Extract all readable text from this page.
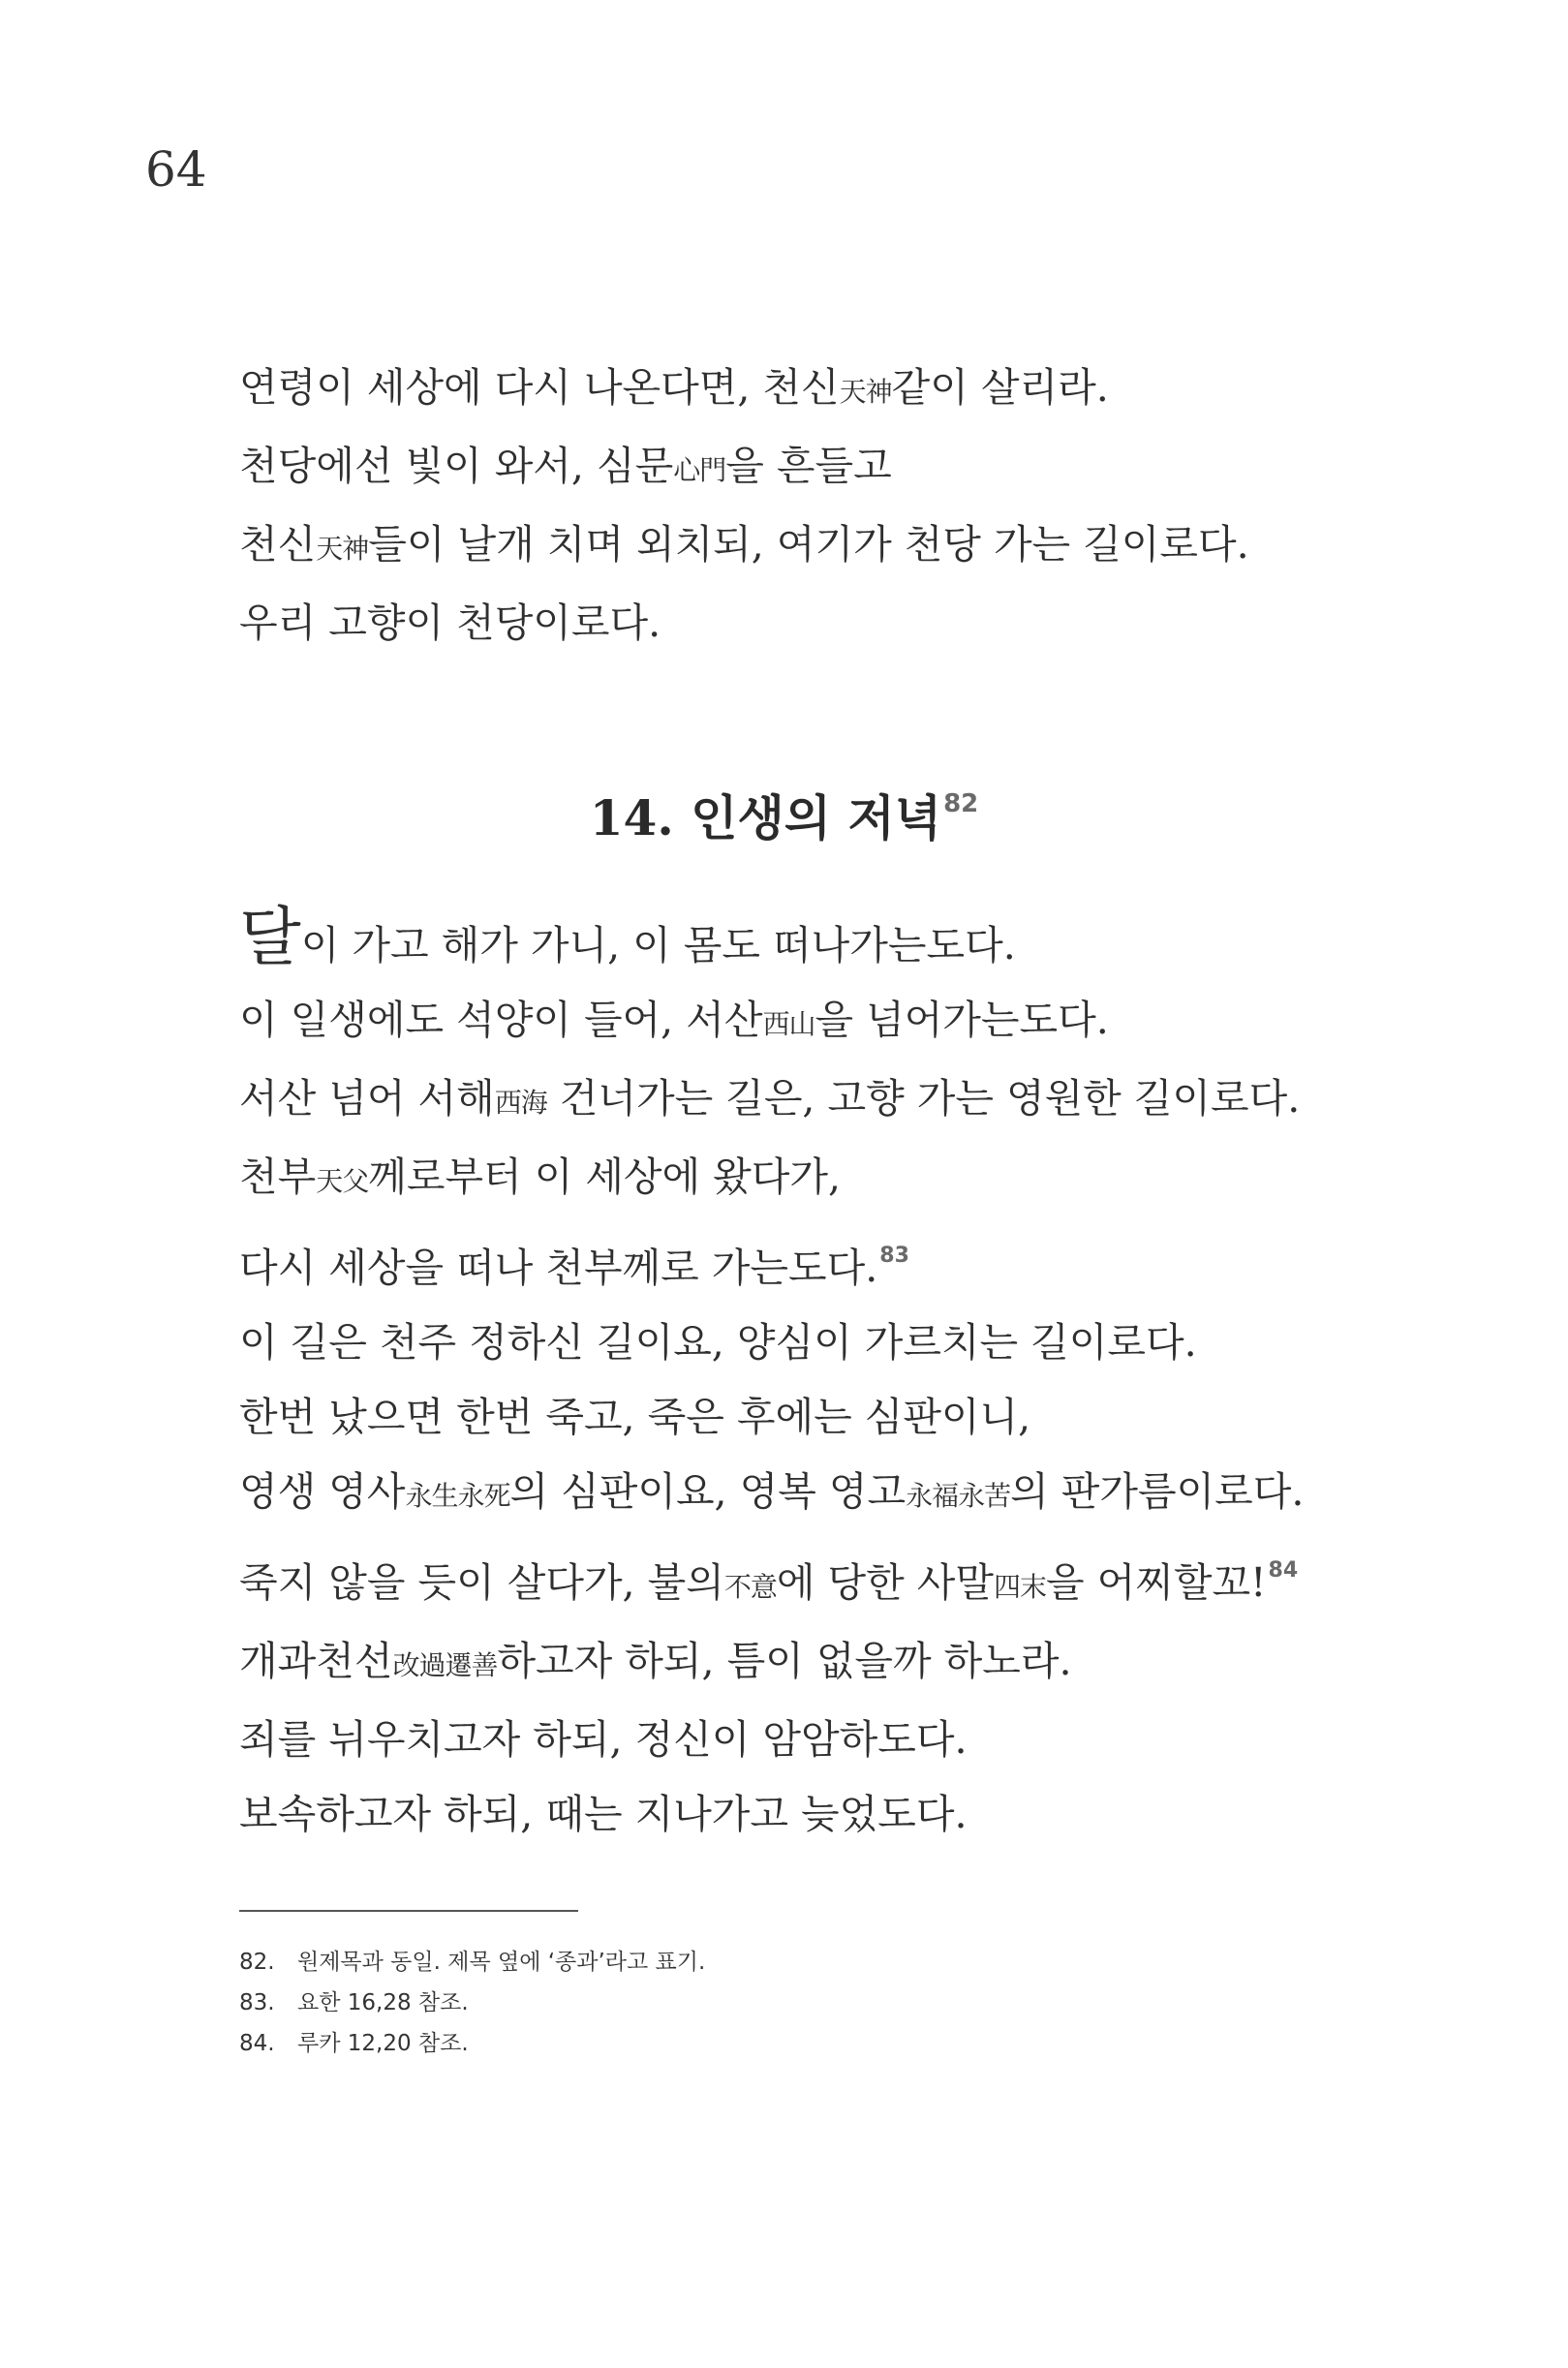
64
연령이 세상에 다시 나온다면, 천신天神같이 살리라.
천당에선 빛이 와서, 심문心門을 흔들고
천신天神들이 날개 치며 외치되, 여기가 천당 가는 길이로다.
우리 고향이 천당이로다.
14. 인생의 저녁$^{82}$
달이 가고 해가 가니, 이 몸도 떠나가는도다.
이 일생에도 석양이 들어, 서산西山을 넘어가는도다.
서산 넘어 서해西海 건너가는 길은, 고향 가는 영원한 길이로다.
천부天父께로부터 이 세상에 왔다가,
다시 세상을 떠나 천부께로 가는도다.$^{83}$
이 길은 천주 정하신 길이요, 양심이 가르치는 길이로다.
한번 났으면 한번 죽고, 죽은 후에는 심판이니,
영생 영사永生永死의 심판이요, 영복 영고永福永苦의 판가름이로다.
죽지 않을 듯이 살다가, 불의不意에 당한 사말四末을 어찌할꼬!$^{84}$
개과천선改過遷善하고자 하되, 틈이 없을까 하노라.
죄를 뉘우치고자 하되, 정신이 암암하도다.
보속하고자 하되, 때는 지나가고 늦었도다.
82. 원제목과 동일. 제목 옆에 ‘종과’라고 표기.
83. 요한 16,28 참조.
84. 루카 12,20 참조.
